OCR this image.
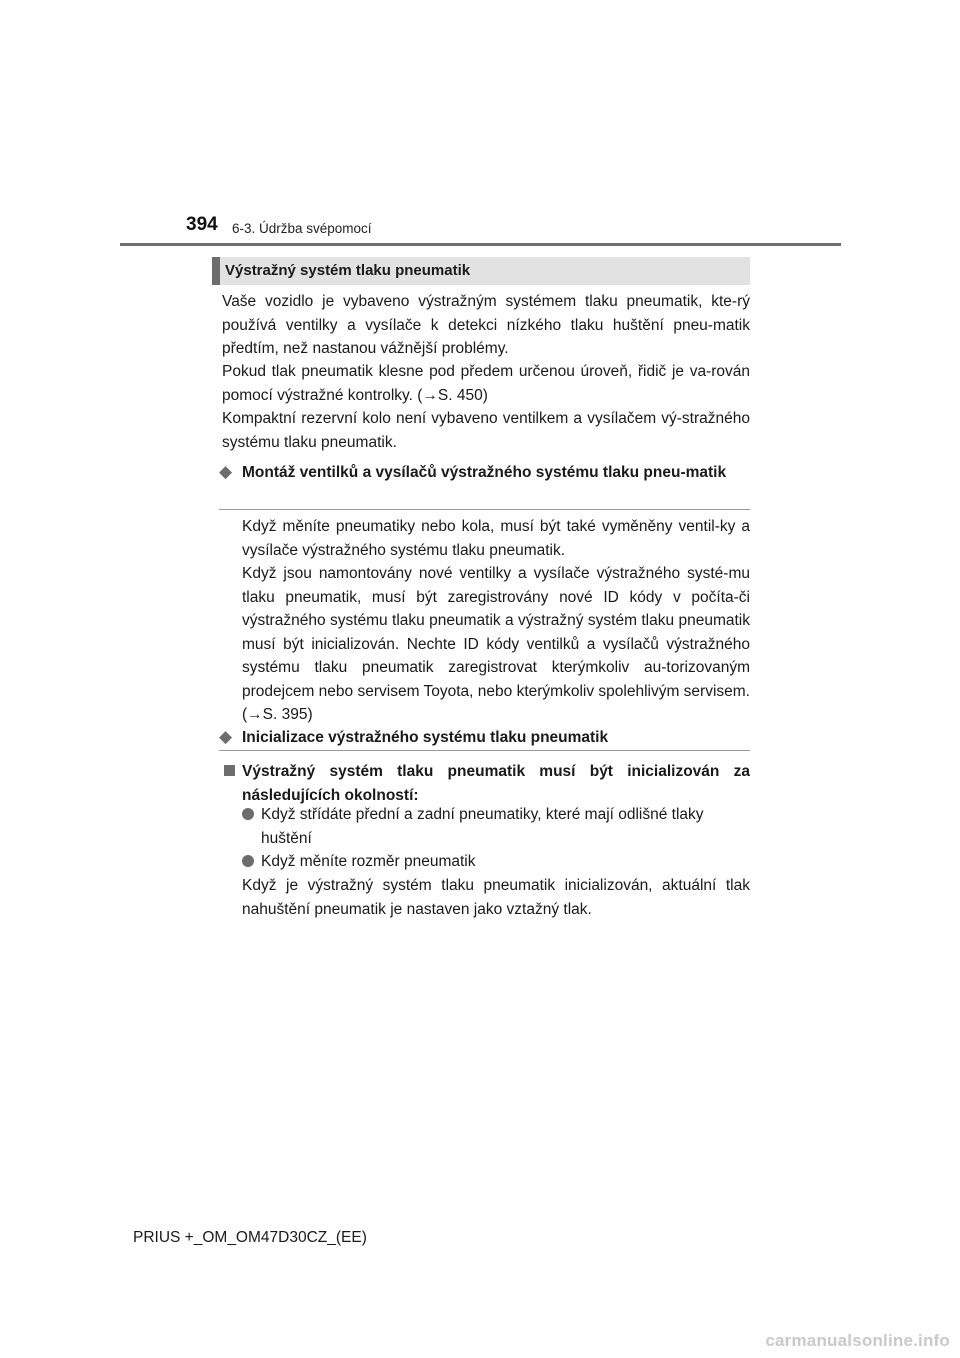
394 6-3. Údržba svépomocí
Výstražný systém tlaku pneumatik

Vaše vozidlo je vybaveno výstražným systémem tlaku pneumatik, kte-rý používá ventilky a vysílače k detekci nízkého tlaku huštění pneu-matik předtím, než nastanou vážnější problémy.

Pokud tlak pneumatik klesne pod předem určenou úroveň, řidič je va-rován pomocí výstražné kontrolky. (→S. 450)

Kompaktní rezervní kolo není vybaveno ventilkem a vysílačem vý-stražného systému tlaku pneumatik.

◆ Montáž ventilků a vysílačů výstražného systému tlaku pneu-matik

Když měníte pneumatiky nebo kola, musí být také vyměněny ventil-ky a vysílače výstražného systému tlaku pneumatik.

Když jsou namontovány nové ventilky a vysílače výstražného systé-mu tlaku pneumatik, musí být zaregistrovány nové ID kódy v počíta-či výstražného systému tlaku pneumatik a výstražný systém tlaku pneumatik musí být inicializován. Nechte ID kódy ventilků a vysílačů výstražného systému tlaku pneumatik zaregistrovat kterýmkoliv au-torizovaným prodejcem nebo servisem Toyota, nebo kterýmkoliv spolehlivým servisem. (→S. 395)

◆ Inicializace výstražného systému tlaku pneumatik

Výstražný systém tlaku pneumatik musí být inicializován za následujících okolností:

Když střídáte přední a zadní pneumatiky, které mají odlišné tlaky huštění

Když měníte rozměr pneumatik

Když je výstražný systém tlaku pneumatik inicializován, aktuální tlak nahuštění pneumatik je nastaven jako vztažný tlak.

PRIUS +_OM_OM47D30CZ_(EE)
carmanualsonline.info
